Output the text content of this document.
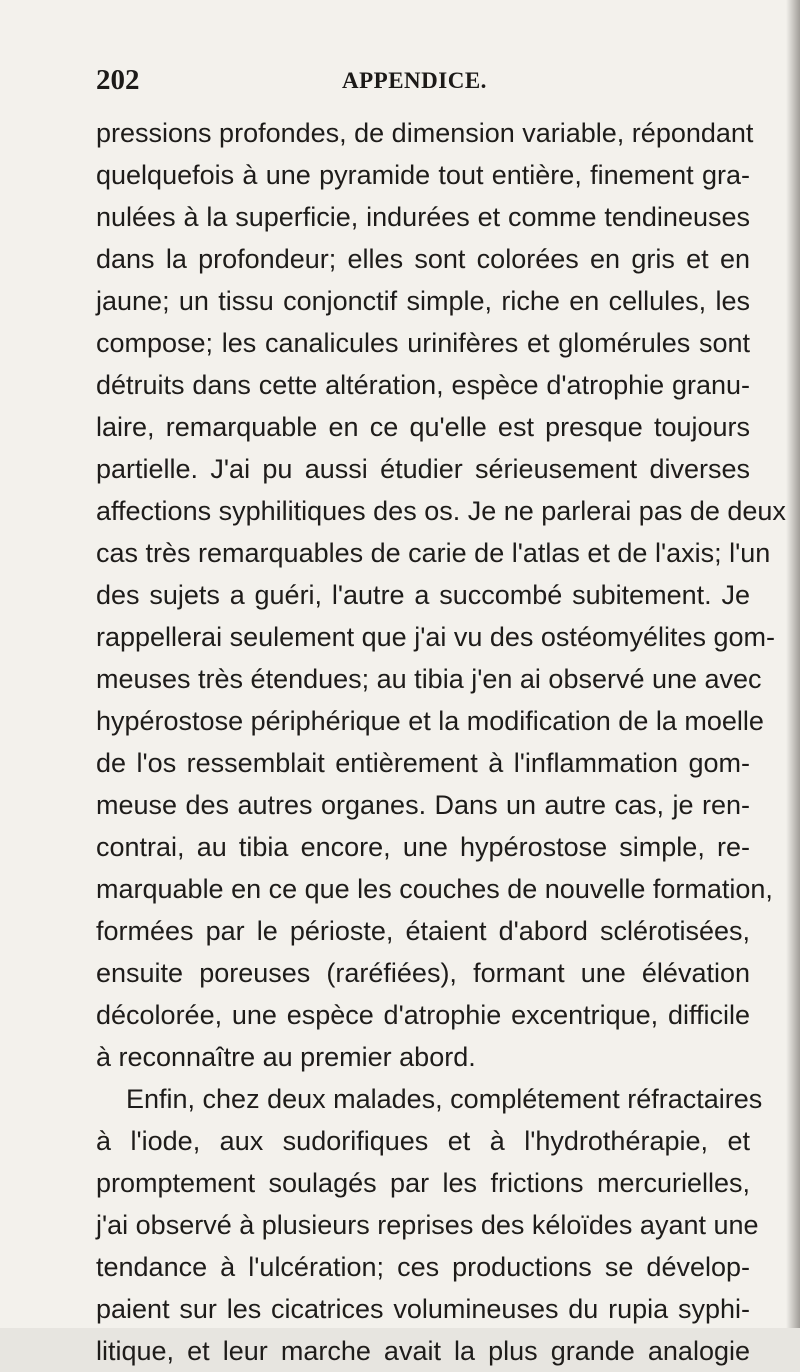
202	APPENDICE.
pressions profondes, de dimension variable, répondant
quelquefois à une pyramide tout entière, finement gra-
nulées à la superficie, indurées et comme tendineuses
dans la profondeur; elles sont colorées en gris et en
jaune; un tissu conjonctif simple, riche en cellules, les
compose; les canalicules urinifères et glomérules sont
détruits dans cette altération, espèce d'atrophie granu-
laire, remarquable en ce qu'elle est presque toujours
partielle. J'ai pu aussi étudier sérieusement diverses
affections syphilitiques des os. Je ne parlerai pas de deux
cas très remarquables de carie de l'atlas et de l'axis; l'un
des sujets a guéri, l'autre a succombé subitement. Je
rappellerai seulement que j'ai vu des ostéomyélites gom-
meuses très étendues; au tibia j'en ai observé une avec
hypérostose périphérique et la modification de la moelle
de l'os ressemblait entièrement à l'inflammation gom-
meuse des autres organes. Dans un autre cas, je ren-
contrai, au tibia encore, une hypérostose simple, re-
marquable en ce que les couches de nouvelle formation,
formées par le périoste, étaient d'abord sclérotisées,
ensuite poreuses (raréfiées), formant une élévation
décolorée, une espèce d'atrophie excentrique, difficile
à reconnaître au premier abord.
Enfin, chez deux malades, complétement réfractaires
à l'iode, aux sudorifiques et à l'hydrothérapie, et
promptement soulagés par les frictions mercurielles,
j'ai observé à plusieurs reprises des kéloïdes ayant une
tendance à l'ulcération; ces productions se dévelop-
paient sur les cicatrices volumineuses du rupia syphi-
litique, et leur marche avait la plus grande analogie
